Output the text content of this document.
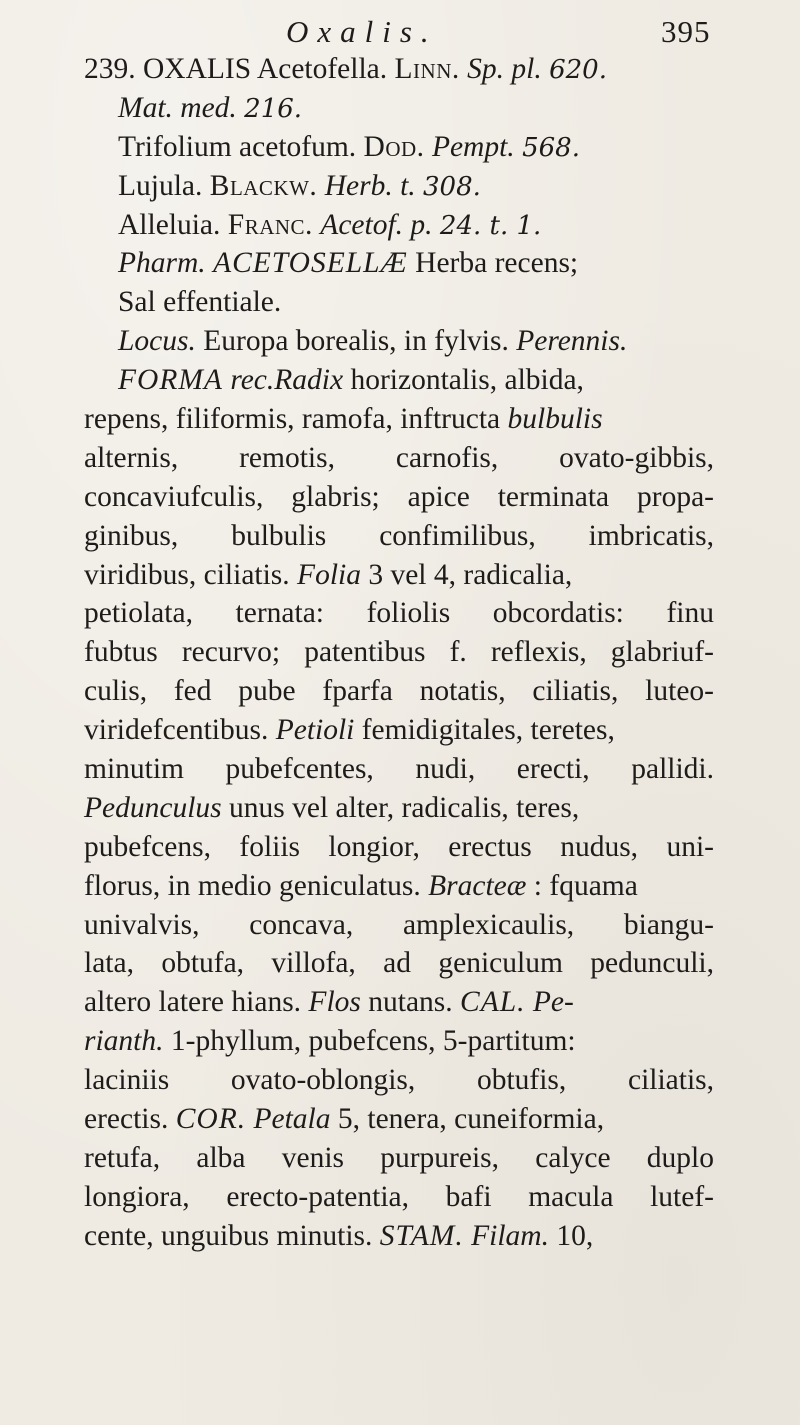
Oxalis.	395
239. OXALIS Acetofella. Linn. Sp. pl. 620.
Mat. med. 216.
Trifolium acetofum. Dod. Pempt. 568.
Lujula. Blackw. Herb. t. 308.
Alleluia. Franc. Acetof. p. 24. t. 1.
Pharm. ACETOSELLÆ Herba recens;
Sal effentiale.
Locus. Europa borealis, in fylvis. Perennis.
FORMA rec.Radix horizontalis, albida,
repens, filiformis, ramofa, inftructa bulbulis
alternis, remotis, carnofis, ovato-gibbis,
concaviufculis, glabris; apice terminata propa-
ginibus, bulbulis confimilibus, imbricatis,
viridibus, ciliatis. Folia 3 vel 4, radicalia,
petiolata, ternata: foliolis obcordatis: finu
fubtus recurvo; patentibus f. reflexis, glabriuf-
culis, fed pube fparfa notatis, ciliatis, luteo-
viridefcentibus. Petioli femidigitales, teretes,
minutim pubefcentes, nudi, erecti, pallidi.
Pedunculus unus vel alter, radicalis, teres,
pubefcens, foliis longior, erectus nudus, uni-
florus, in medio geniculatus. Bracteæ : fquama
univalvis, concava, amplexicaulis, biangu-
lata, obtufa, villofa, ad geniculum pedunculi,
altero latere hians. Flos nutans. CAL. Pe-
rianth. 1-phyllum, pubefcens, 5-partitum:
laciniis ovato-oblongis, obtufis, ciliatis,
erectis. COR. Petala 5, tenera, cuneiformia,
retufa, alba venis purpureis, calyce duplo
longiora, erecto-patentia, bafi macula lutef-
cente, unguibus minutis. STAM. Filam. 10,
